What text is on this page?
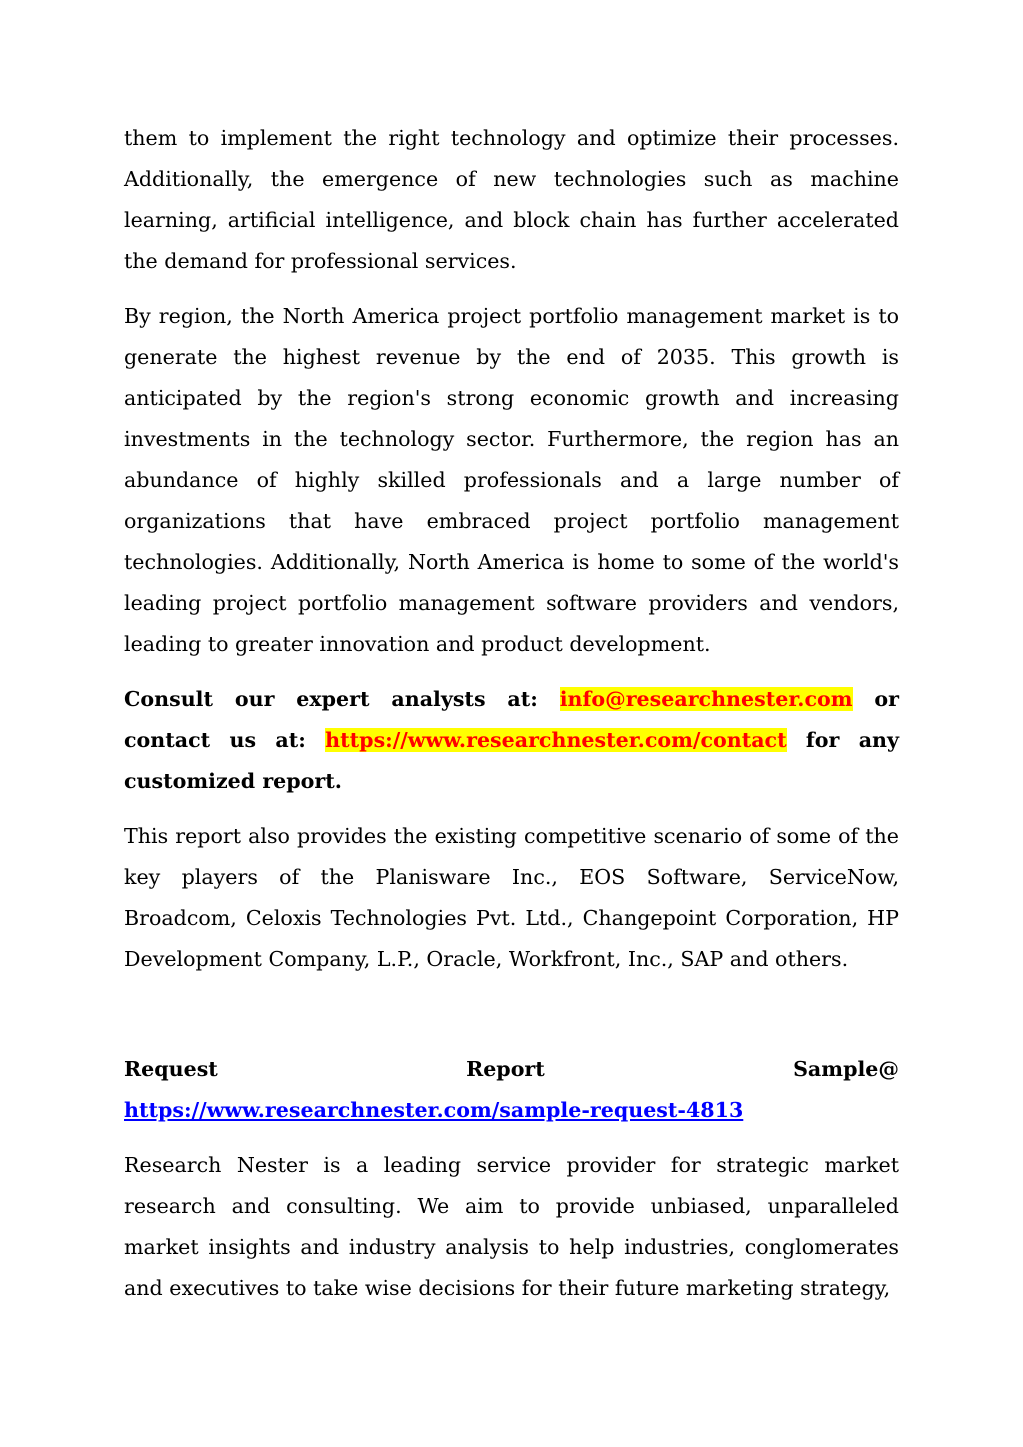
them to implement the right technology and optimize their processes. Additionally, the emergence of new technologies such as machine learning, artificial intelligence, and block chain has further accelerated the demand for professional services.

By region, the North America project portfolio management market is to generate the highest revenue by the end of 2035. This growth is anticipated by the region's strong economic growth and increasing investments in the technology sector. Furthermore, the region has an abundance of highly skilled professionals and a large number of organizations that have embraced project portfolio management technologies. Additionally, North America is home to some of the world's leading project portfolio management software providers and vendors, leading to greater innovation and product development.

Consult our expert analysts at: info@researchnester.com or contact us at: https://www.researchnester.com/contact for any customized report.

This report also provides the existing competitive scenario of some of the key players of the Planisware Inc., EOS Software, ServiceNow, Broadcom, Celoxis Technologies Pvt. Ltd., Changepoint Corporation, HP Development Company, L.P., Oracle, Workfront, Inc., SAP and others.

Request	Report	Sample@
https://www.researchnester.com/sample-request-4813

Research Nester is a leading service provider for strategic market research and consulting. We aim to provide unbiased, unparalleled market insights and industry analysis to help industries, conglomerates and executives to take wise decisions for their future marketing strategy,
